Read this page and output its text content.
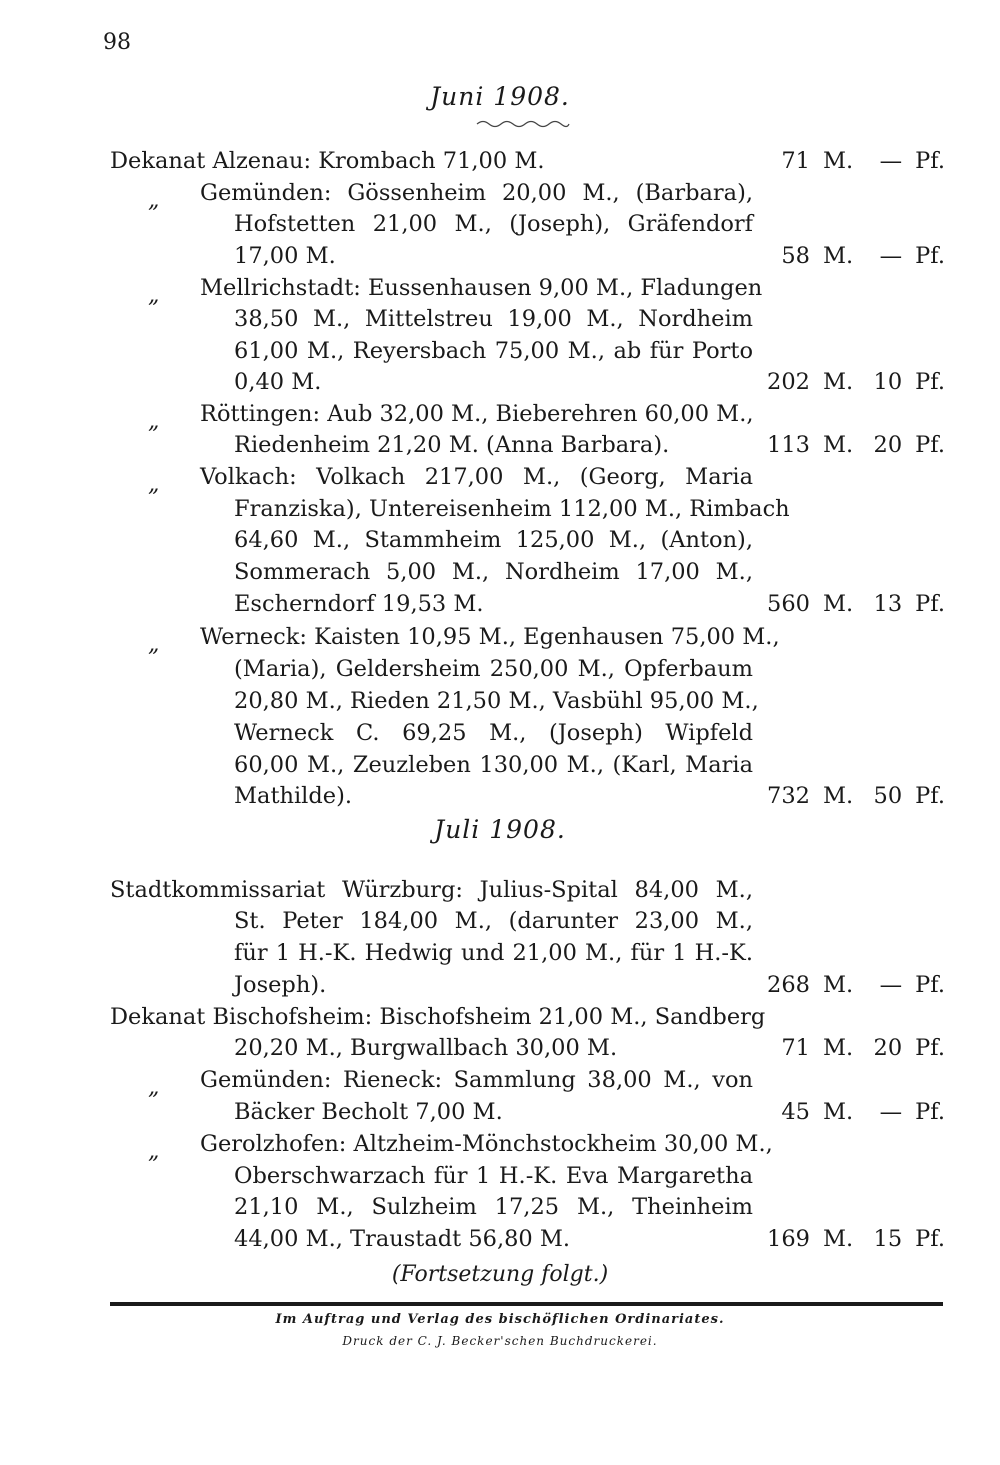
98
Juni 1908.
Dekanat Alzenau: Krombach 71,00 M.	71 M.	— Pf.
„ Gemünden: Gössenheim 20,00 M., (Barbara),
Hofstetten 21,00 M., (Joseph), Gräfendorf
17,00 M.	58 M.	— Pf.
„ Mellrichstadt: Eussenhausen 9,00 M., Fladungen
38,50 M., Mittelstreu 19,00 M., Nordheim
61,00 M., Reyersbach 75,00 M., ab für Porto
0,40 M.	202 M. 10 Pf.
„ Röttingen: Aub 32,00 M., Bieberehren 60,00 M.,
Riedenheim 21,20 M. (Anna Barbara).	113 M. 20 Pf.
„ Volkach: Volkach 217,00 M., (Georg, Maria
Franziska), Untereisenheim 112,00 M., Rimbach
64,60 M., Stammheim 125,00 M., (Anton),
Sommerach 5,00 M., Nordheim 17,00 M.,
Escherndorf 19,53 M.	560 M. 13 Pf.
„ Werneck: Kaisten 10,95 M., Egenhausen 75,00 M.,
(Maria), Geldersheim 250,00 M., Opferbaum
20,80 M., Rieden 21,50 M., Vasbühl 95,00 M.,
Werneck C. 69,25 M., (Joseph) Wipfeld
60,00 M., Zeuzleben 130,00 M., (Karl, Maria
Mathilde).	732 M. 50 Pf.
Juli 1908.
Stadtkommissariat Würzburg: Julius-Spital 84,00 M.,
St. Peter 184,00 M., (darunter 23,00 M.,
für 1 H.-K. Hedwig und 21,00 M., für 1 H.-K.
Joseph).	268 M.	— Pf.
Dekanat Bischofsheim: Bischofsheim 21,00 M., Sandberg
20,20 M., Burgwallbach 30,00 M.	71 M. 20 Pf.
„ Gemünden: Rieneck: Sammlung 38,00 M., von
Bäcker Becholt 7,00 M.	45 M.	— Pf.
„ Gerolzhofen: Altzheim-Mönchstockheim 30,00 M.,
Oberschwarzach für 1 H.-K. Eva Margaretha
21,10 M., Sulzheim 17,25 M., Theinheim
44,00 M., Traustadt 56,80 M.	169 M. 15 Pf.
(Fortsetzung folgt.)
Im Auftrag und Verlag des bischöflichen Ordinariates.
Druck der C. J. Becker'schen Buchdruckerei.
